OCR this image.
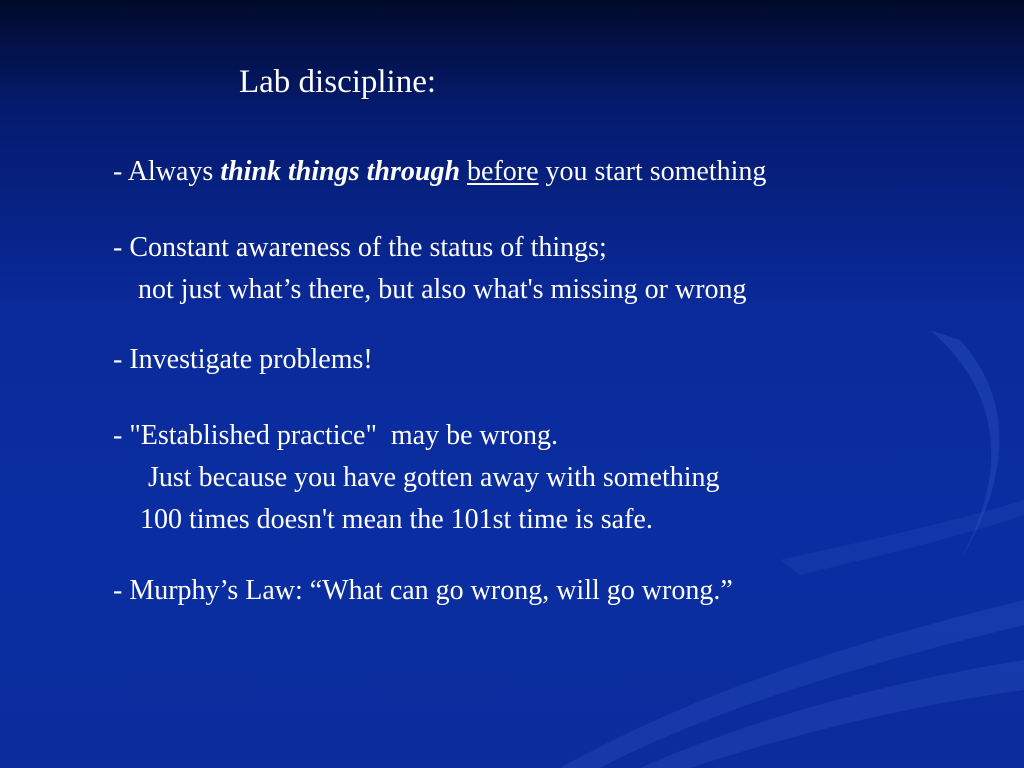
Lab discipline:
- Always think things through before you start something
- Constant awareness of the status of things;
not just what’s there, but also what's missing or wrong
- Investigate problems!
- "Established practice"  may be wrong.
Just because you have gotten away with something
100 times doesn't mean the 101st time is safe.
- Murphy’s Law: “What can go wrong, will go wrong.”
